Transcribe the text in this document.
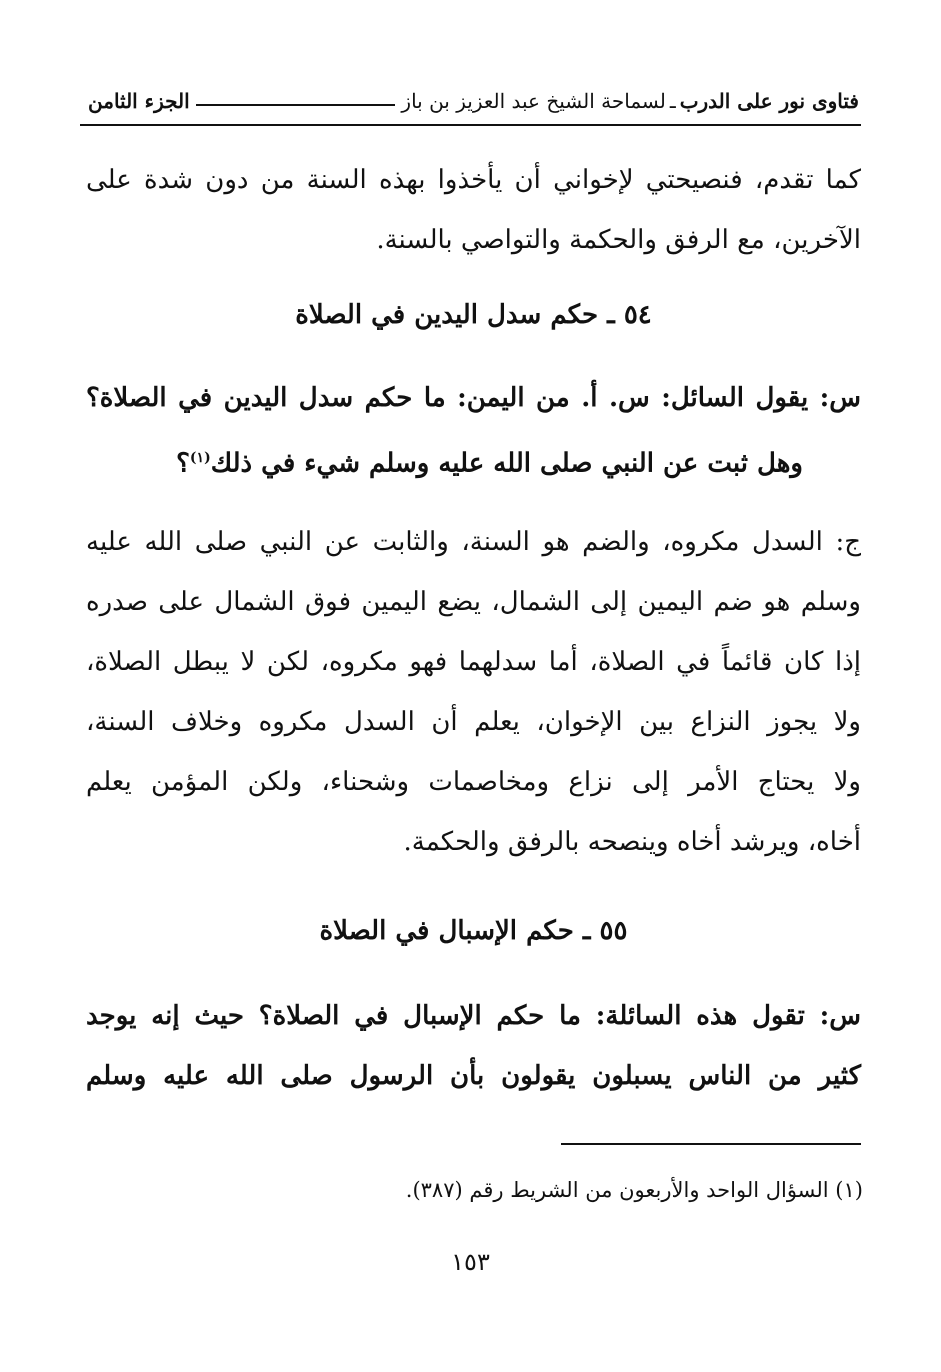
فتاوى نور على الدرب
ـ
لسماحة الشيخ عبد العزيز بن باز
الجزء الثامن
كما تقدم، فنصيحتي لإخواني أن يأخذوا بهذه السنة من دون شدة على
الآخرين، مع الرفق والحكمة والتواصي بالسنة.
٥٤ ـ حكم سدل اليدين في الصلاة
س: يقول السائل: س. أ. من اليمن: ما حكم سدل اليدين في الصلاة؟
وهل ثبت عن النبي صلى الله عليه وسلم شيء في ذلك$^{(١)}$؟
ج: السدل مكروه، والضم هو السنة، والثابت عن النبي صلى الله عليه
وسلم هو ضم اليمين إلى الشمال، يضع اليمين فوق الشمال على صدره
إذا كان قائماً في الصلاة، أما سدلهما فهو مكروه، لكن لا يبطل الصلاة،
ولا يجوز النزاع بين الإخوان، يعلم أن السدل مكروه وخلاف السنة،
ولا يحتاج الأمر إلى نزاع ومخاصمات وشحناء، ولكن المؤمن يعلم
أخاه، ويرشد أخاه وينصحه بالرفق والحكمة.
٥٥ ـ حكم الإسبال في الصلاة
س: تقول هذه السائلة: ما حكم الإسبال في الصلاة؟ حيث إنه يوجد
كثير من الناس يسبلون يقولون بأن الرسول صلى الله عليه وسلم
(١) السؤال الواحد والأربعون من الشريط رقم (٣٨٧).
١٥٣
